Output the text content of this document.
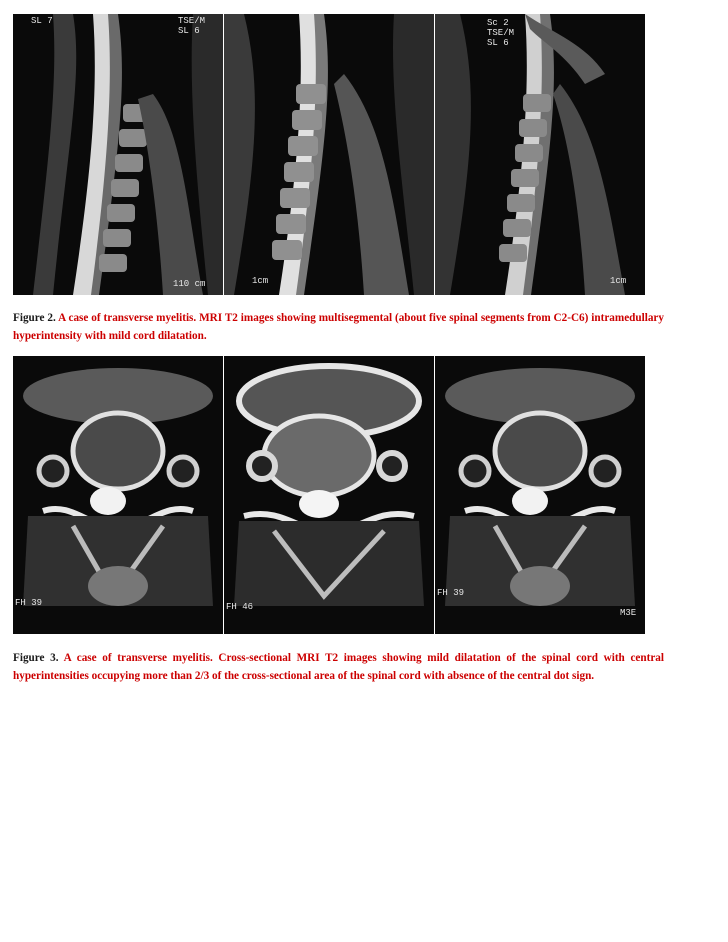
SL 7	TSE/M
SL 6
110 cm	1cm
Sc 2
TSE/M
SL 6
1cm
Figure 2. A case of transverse myelitis. MRI T2 images showing multisegmental (about five spinal segments from C2-C6) intramedullary hyperintensity with mild cord dilatation.
FH 39	FH 46
FH 39
M3E
Figure 3. A case of transverse myelitis. Cross-sectional MRI T2 images showing mild dilatation of the spinal cord with central hyperintensities occupying more than 2/3 of the cross-sectional area of the spinal cord with absence of the central dot sign.
